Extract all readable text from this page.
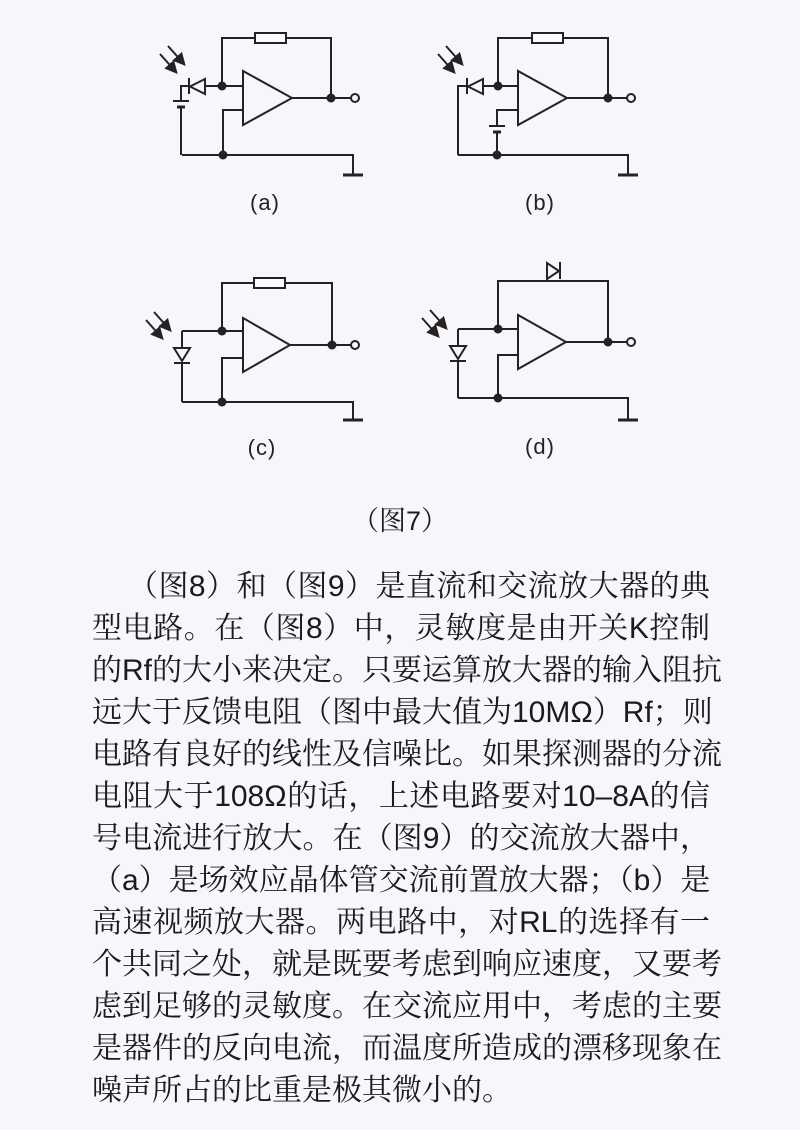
(a)	(b)
(c)	(d)
（图7）
（图8）和（图9）是直流和交流放大器的典
型电路。在（图8）中，灵敏度是由开关K控制
的Rf的大小来决定。只要运算放大器的输入阻抗
远大于反馈电阻（图中最大值为10MΩ）Rf；则
电路有良好的线性及信噪比。如果探测器的分流
电阻大于108Ω的话，上述电路要对10–8A的信
号电流进行放大。在（图9）的交流放大器中，
（a）是场效应晶体管交流前置放大器；（b）是
高速视频放大器。两电路中，对RL的选择有一
个共同之处，就是既要考虑到响应速度，又要考
虑到足够的灵敏度。在交流应用中，考虑的主要
是器件的反向电流，而温度所造成的漂移现象在
噪声所占的比重是极其微小的。
